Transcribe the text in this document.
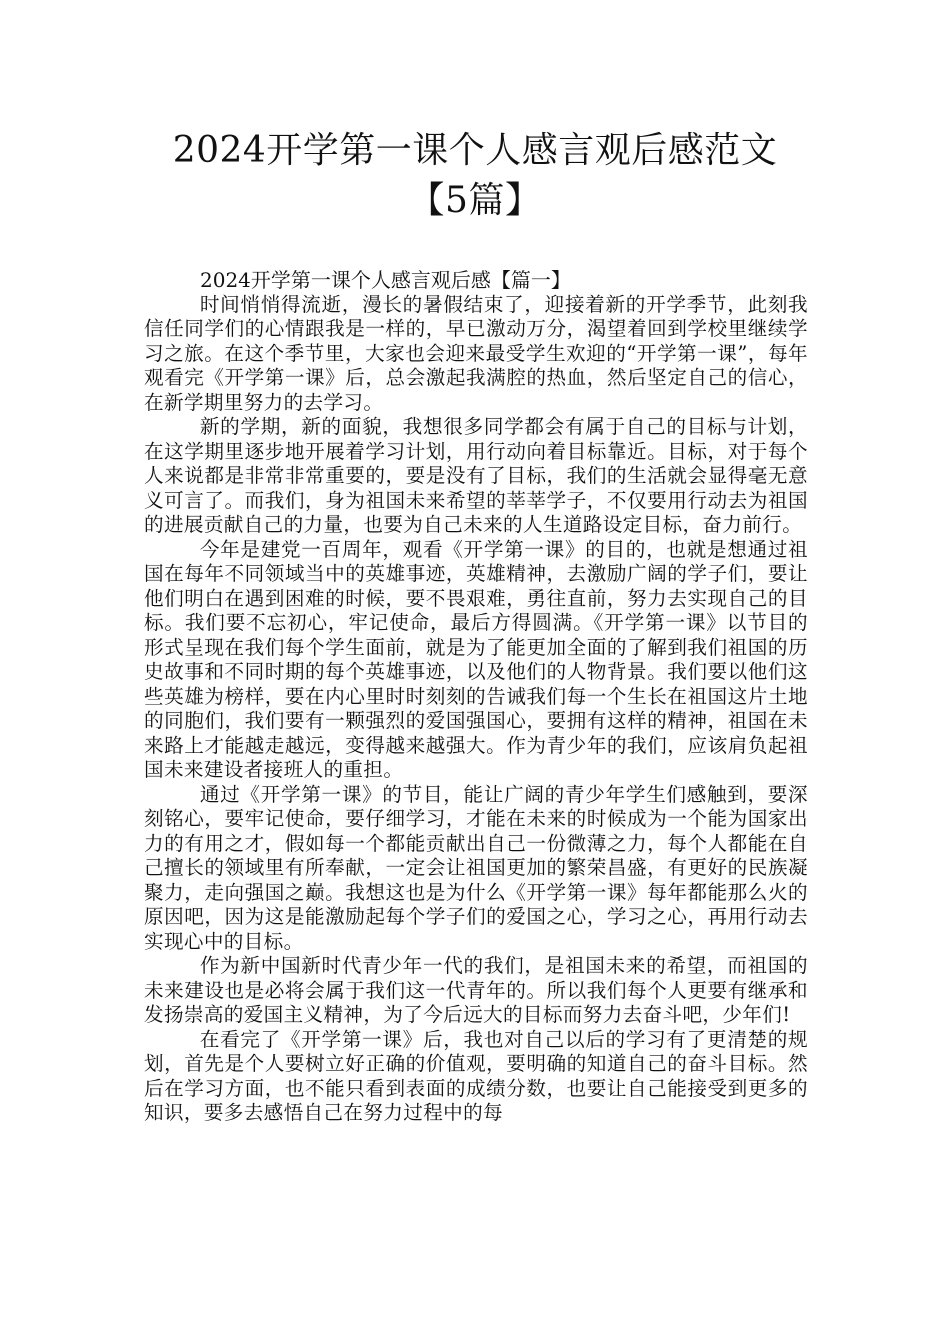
2024开学第一课个人感言观后感范文【5篇】

2024开学第一课个人感言观后感【篇一】

时间悄悄得流逝，漫长的暑假结束了，迎接着新的开学季节，此刻我信任同学们的心情跟我是一样的，早已激动万分，渴望着回到学校里继续学习之旅。在这个季节里，大家也会迎来最受学生欢迎的“开学第一课”，每年观看完《开学第一课》后，总会激起我满腔的热血，然后坚定自己的信心，在新学期里努力的去学习。

新的学期，新的面貌，我想很多同学都会有属于自己的目标与计划，在这学期里逐步地开展着学习计划，用行动向着目标靠近。目标，对于每个人来说都是非常非常重要的，要是没有了目标，我们的生活就会显得毫无意义可言了。而我们，身为祖国未来希望的莘莘学子，不仅要用行动去为祖国的进展贡献自己的力量，也要为自己未来的人生道路设定目标，奋力前行。

今年是建党一百周年，观看《开学第一课》的目的，也就是想通过祖国在每年不同领域当中的英雄事迹，英雄精神，去激励广阔的学子们，要让他们明白在遇到困难的时候，要不畏艰难，勇往直前，努力去实现自己的目标。我们要不忘初心，牢记使命，最后方得圆满。《开学第一课》以节目的形式呈现在我们每个学生面前，就是为了能更加全面的了解到我们祖国的历史故事和不同时期的每个英雄事迹，以及他们的人物背景。我们要以他们这些英雄为榜样，要在内心里时时刻刻的告诫我们每一个生长在祖国这片土地的同胞们，我们要有一颗强烈的爱国强国心，要拥有这样的精神，祖国在未来路上才能越走越远，变得越来越强大。作为青少年的我们，应该肩负起祖国未来建设者接班人的重担。

通过《开学第一课》的节目，能让广阔的青少年学生们感触到，要深刻铭心，要牢记使命，要仔细学习，才能在未来的时候成为一个能为国家出力的有用之才，假如每一个都能贡献出自己一份微薄之力，每个人都能在自己擅长的领域里有所奉献，一定会让祖国更加的繁荣昌盛，有更好的民族凝聚力，走向强国之巅。我想这也是为什么《开学第一课》每年都能那么火的原因吧，因为这是能激励起每个学子们的爱国之心，学习之心，再用行动去实现心中的目标。

作为新中国新时代青少年一代的我们，是祖国未来的希望，而祖国的未来建设也是必将会属于我们这一代青年的。所以我们每个人更要有继承和发扬崇高的爱国主义精神，为了今后远大的目标而努力去奋斗吧，少年们!

在看完了《开学第一课》后，我也对自己以后的学习有了更清楚的规划，首先是个人要树立好正确的价值观，要明确的知道自己的奋斗目标。然后在学习方面，也不能只看到表面的成绩分数，也要让自己能接受到更多的知识，要多去感悟自己在努力过程中的每
